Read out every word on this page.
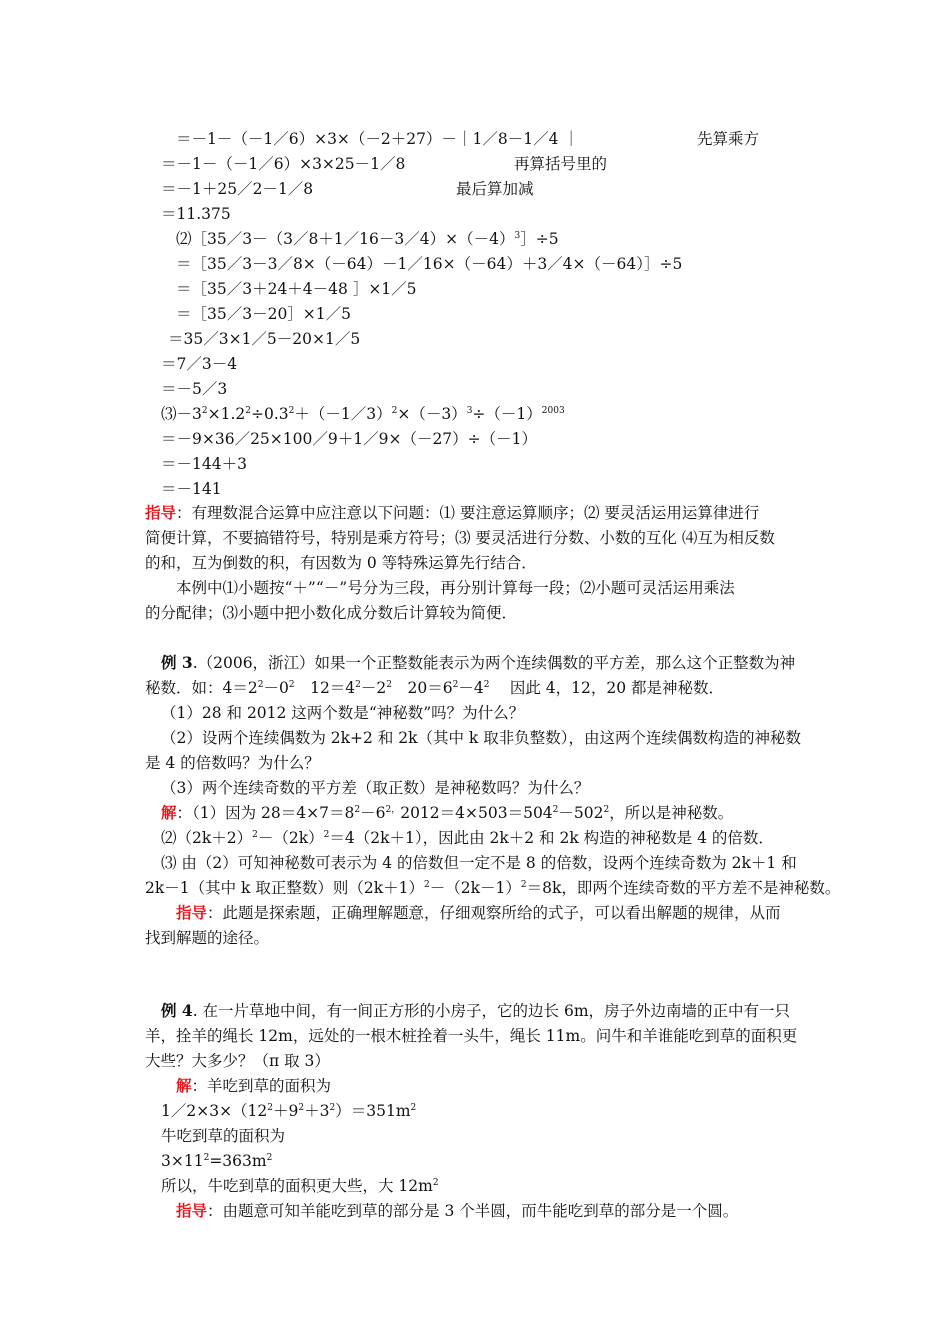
＝－1－（－1／6）×3×（－2＋27）－｜1／8－1／4 ｜	先算乘方
＝－1－（－1／6）×3×25－1／8	再算括号里的
＝－1＋25／2－1／8	最后算加减
＝11.375
$⑵[35/3-(3/8+1/16-3/4)\times(-4)^3]\div 5$
＝［35／3－3／8×（－64）－1／16×（－64）＋3／4×（－64）］÷5
＝［35／3＋24＋4－48 ］×1／5
＝［35／3－20］×1／5
＝35／3×1／5－20×1／5
＝7／3－4
＝－5／3
$⑶-3^2\times 1.2^2\div 0.3^2+(-1/3)^2\times(-3)^3\div(-1)^{2003}$
＝－9×36／25×100／9＋1／9×（－27）÷（－1）
＝－144＋3
＝－141
指导：有理数混合运算中应注意以下问题：⑴ 要注意运算顺序；⑵ 要灵活运用运算律进行
简便计算，不要搞错符号，特别是乘方符号；⑶ 要灵活进行分数、小数的互化 ⑷互为相反数
的和，互为倒数的积，有因数为 0 等特殊运算先行结合．
本例中⑴小题按“＋”“－”号分为三段，再分别计算每一段；⑵小题可灵活运用乘法
的分配律；⑶小题中把小数化成分数后计算较为简便．
例 3.（2006，浙江）如果一个正整数能表示为两个连续偶数的平方差，那么这个正整数为神
秘数．如：$4=2^2-0^2$　$12=4^2-2^2$　$20=6^2-4^2$　 因此 4，12，20 都是神秘数．
（1）28 和 2012 这两个数是“神秘数”吗？为什么？
（2）设两个连续偶数为 2k+2 和 2k（其中 k 取非负整数），由这两个连续偶数构造的神秘数
是 4 的倍数吗？为什么？
（3）两个连续奇数的平方差（取正数）是神秘数吗？为什么？
解：（1）因为 $28=4\times 7=8^2-6^{2,}2012=4\times 503=504^2-502^2$，所以是神秘数。
$⑵(2k+2)^2-(2k)^2=4(2k+1)$，因此由 2k＋2 和 2k 构造的神秘数是 4 的倍数．
⑶ 由（2）可知神秘数可表示为 4 的倍数但一定不是 8 的倍数，设两个连续奇数为 2k＋1 和
2k－1（其中 k 取正整数）则$(2k+1)^2-(2k-1)^2=8k$，即两个连续奇数的平方差不是神秘数。
指导：此题是探索题，正确理解题意，仔细观察所给的式子，可以看出解题的规律，从而
找到解题的途径。
例 4. 在一片草地中间，有一间正方形的小房子，它的边长 6m，房子外边南墙的正中有一只
羊，拴羊的绳长 12m，远处的一根木桩拴着一头牛，绳长 11m。问牛和羊谁能吃到草的面积更
大些？大多少？（π 取 3）
解：羊吃到草的面积为
$1/2\times 3\times(12^2+9^2+3^2)=351m^2$
牛吃到草的面积为
$3\times 11^2=363m^2$
所以，牛吃到草的面积更大些，大 $12m^2$
指导：由题意可知羊能吃到草的部分是 3 个半圆，而牛能吃到草的部分是一个圆。
